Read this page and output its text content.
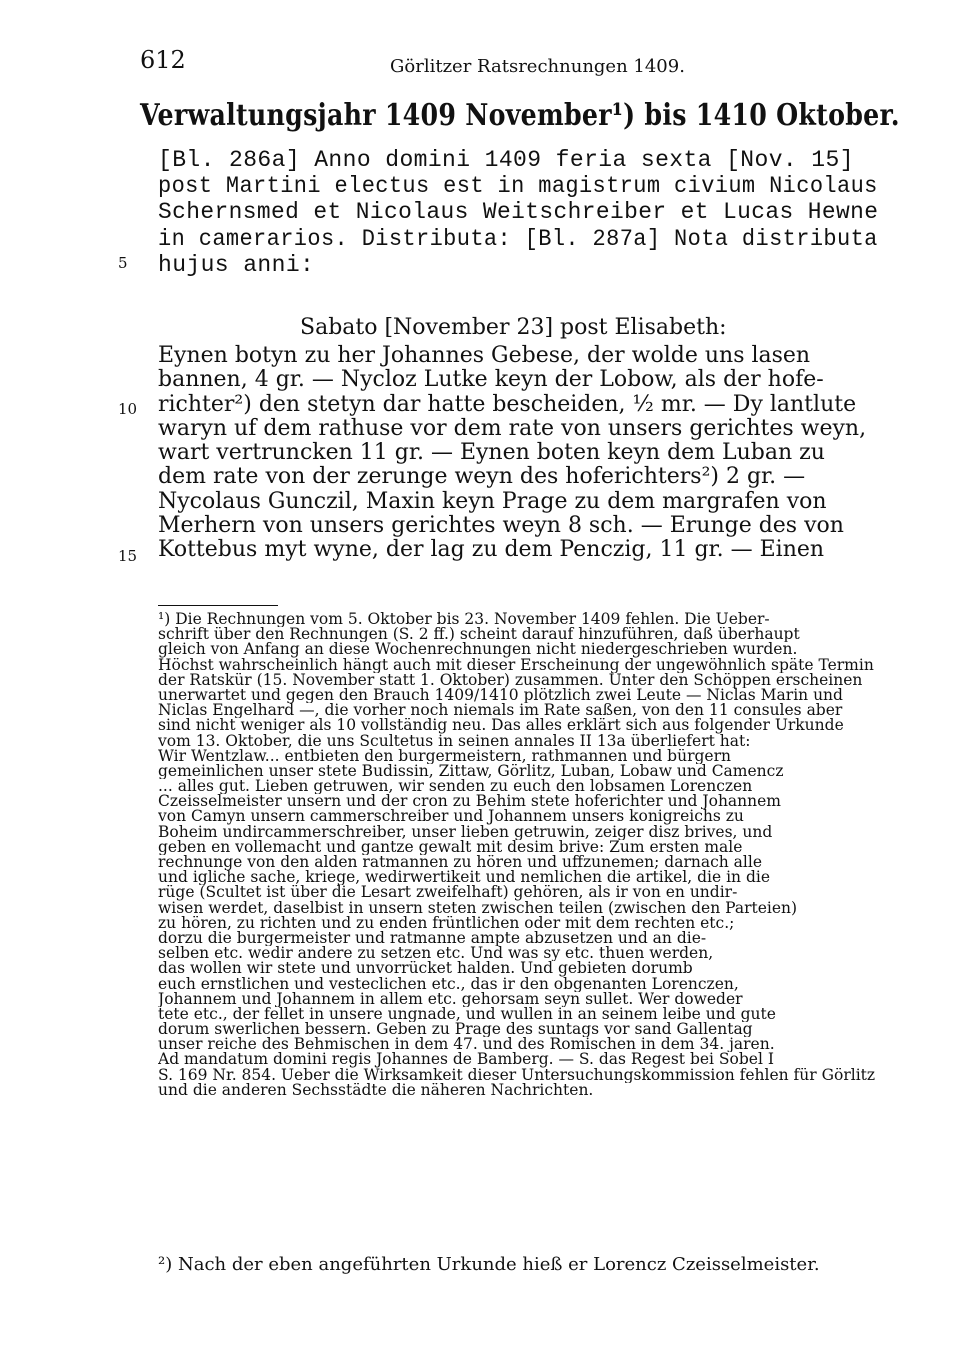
612	Görlitzer Ratsrechnungen 1409.
Verwaltungsjahr 1409 November¹) bis 1410 Oktober.
[Bl. 286a] Anno domini 1409 feria sexta [Nov. 15]
post Martini electus est in magistrum civium Nicolaus
Schernsmed et Nicolaus Weitschreiber et Lucas Hewne
in camerarios. Distributa: [Bl. 287a] Nota distributa
hujus anni:
Sabato [November 23] post Elisabeth:
Eynen botyn zu her Johannes Gebese, der wolde uns lasen
bannen, 4 gr. — Nycloz Lutke keyn der Lobow, als der hofe-
richter²) den stetyn dar hatte bescheiden, ½ mr. — Dy lantlute
waryn uf dem rathuse vor dem rate von unsers gerichtes weyn,
wart vertruncken 11 gr. — Eynen boten keyn dem Luban zu
dem rate von der zerunge weyn des hoferichters²) 2 gr. —
Nycolaus Gunczil, Maxin keyn Prage zu dem margrafen von
Merhern von unsers gerichtes weyn 8 sch. — Erunge des von
Kottebus myt wyne, der lag zu dem Penczig, 11 gr. — Einen
5
10
15
¹) Die Rechnungen vom 5. Oktober bis 23. November 1409 fehlen. Die Ueber-
schrift über den Rechnungen (S. 2 ff.) scheint darauf hinzuführen, daß überhaupt
gleich von Anfang an diese Wochenrechnungen nicht niedergeschrieben wurden.
Höchst wahrscheinlich hängt auch mit dieser Erscheinung der ungewöhnlich späte Termin
der Ratskür (15. November statt 1. Oktober) zusammen. Unter den Schöppen erscheinen
unerwartet und gegen den Brauch 1409/1410 plötzlich zwei Leute — Niclas Marin und
Niclas Engelhard —, die vorher noch niemals im Rate saßen, von den 11 consules aber
sind nicht weniger als 10 vollständig neu. Das alles erklärt sich aus folgender Urkunde
vom 13. Oktober, die uns Scultetus in seinen annales II 13a überliefert hat:
Wir Wentzlaw... entbieten den burgermeistern, rathmannen und bürgern
gemeinlichen unser stete Budissin, Zittaw, Görlitz, Luban, Lobaw und Camencz
... alles gut. Lieben getruwen, wir senden zu euch den lobsamen Lorenczen
Czeisselmeister unsern und der cron zu Behim stete hoferichter und Johannem
von Camyn unsern cammerschreiber und Johannem unsers konigreichs zu
Boheim undircammerschreiber, unser lieben getruwin, zeiger disz brives, und
geben en vollemacht und gantze gewalt mit desim brive: Zum ersten male
rechnunge von den alden ratmannen zu hören und uffzunemen; darnach alle
und igliche sache, kriege, wedirwertikeit und nemlichen die artikel, die in die
rüge (Scultet ist über die Lesart zweifelhaft) gehören, als ir von en undir-
wisen werdet, daselbist in unsern steten zwischen teilen (zwischen den Parteien)
zu hören, zu richten und zu enden früntlichen oder mit dem rechten etc.;
dorzu die burgermeister und ratmanne ampte abzusetzen und an die-
selben etc. wedir andere zu setzen etc. Und was sy etc. thuen werden,
das wollen wir stete und unvorrücket halden. Und gebieten dorumb
euch ernstlichen und vesteclichen etc., das ir den obgenanten Lorenczen,
Johannem und Johannem in allem etc. gehorsam seyn sullet. Wer doweder
tete etc., der fellet in unsere ungnade, und wullen in an seinem leibe und gute
dorum swerlichen bessern. Geben zu Prage des suntags vor sand Gallentag
unser reiche des Behmischen in dem 47. und des Romischen in dem 34. jaren.
Ad mandatum domini regis Johannes de Bamberg. — S. das Regest bei Sobel I
S. 169 Nr. 854. Ueber die Wirksamkeit dieser Untersuchungskommission fehlen für Görlitz
und die anderen Sechsstädte die näheren Nachrichten.
²) Nach der eben angeführten Urkunde hieß er Lorencz Czeisselmeister.
